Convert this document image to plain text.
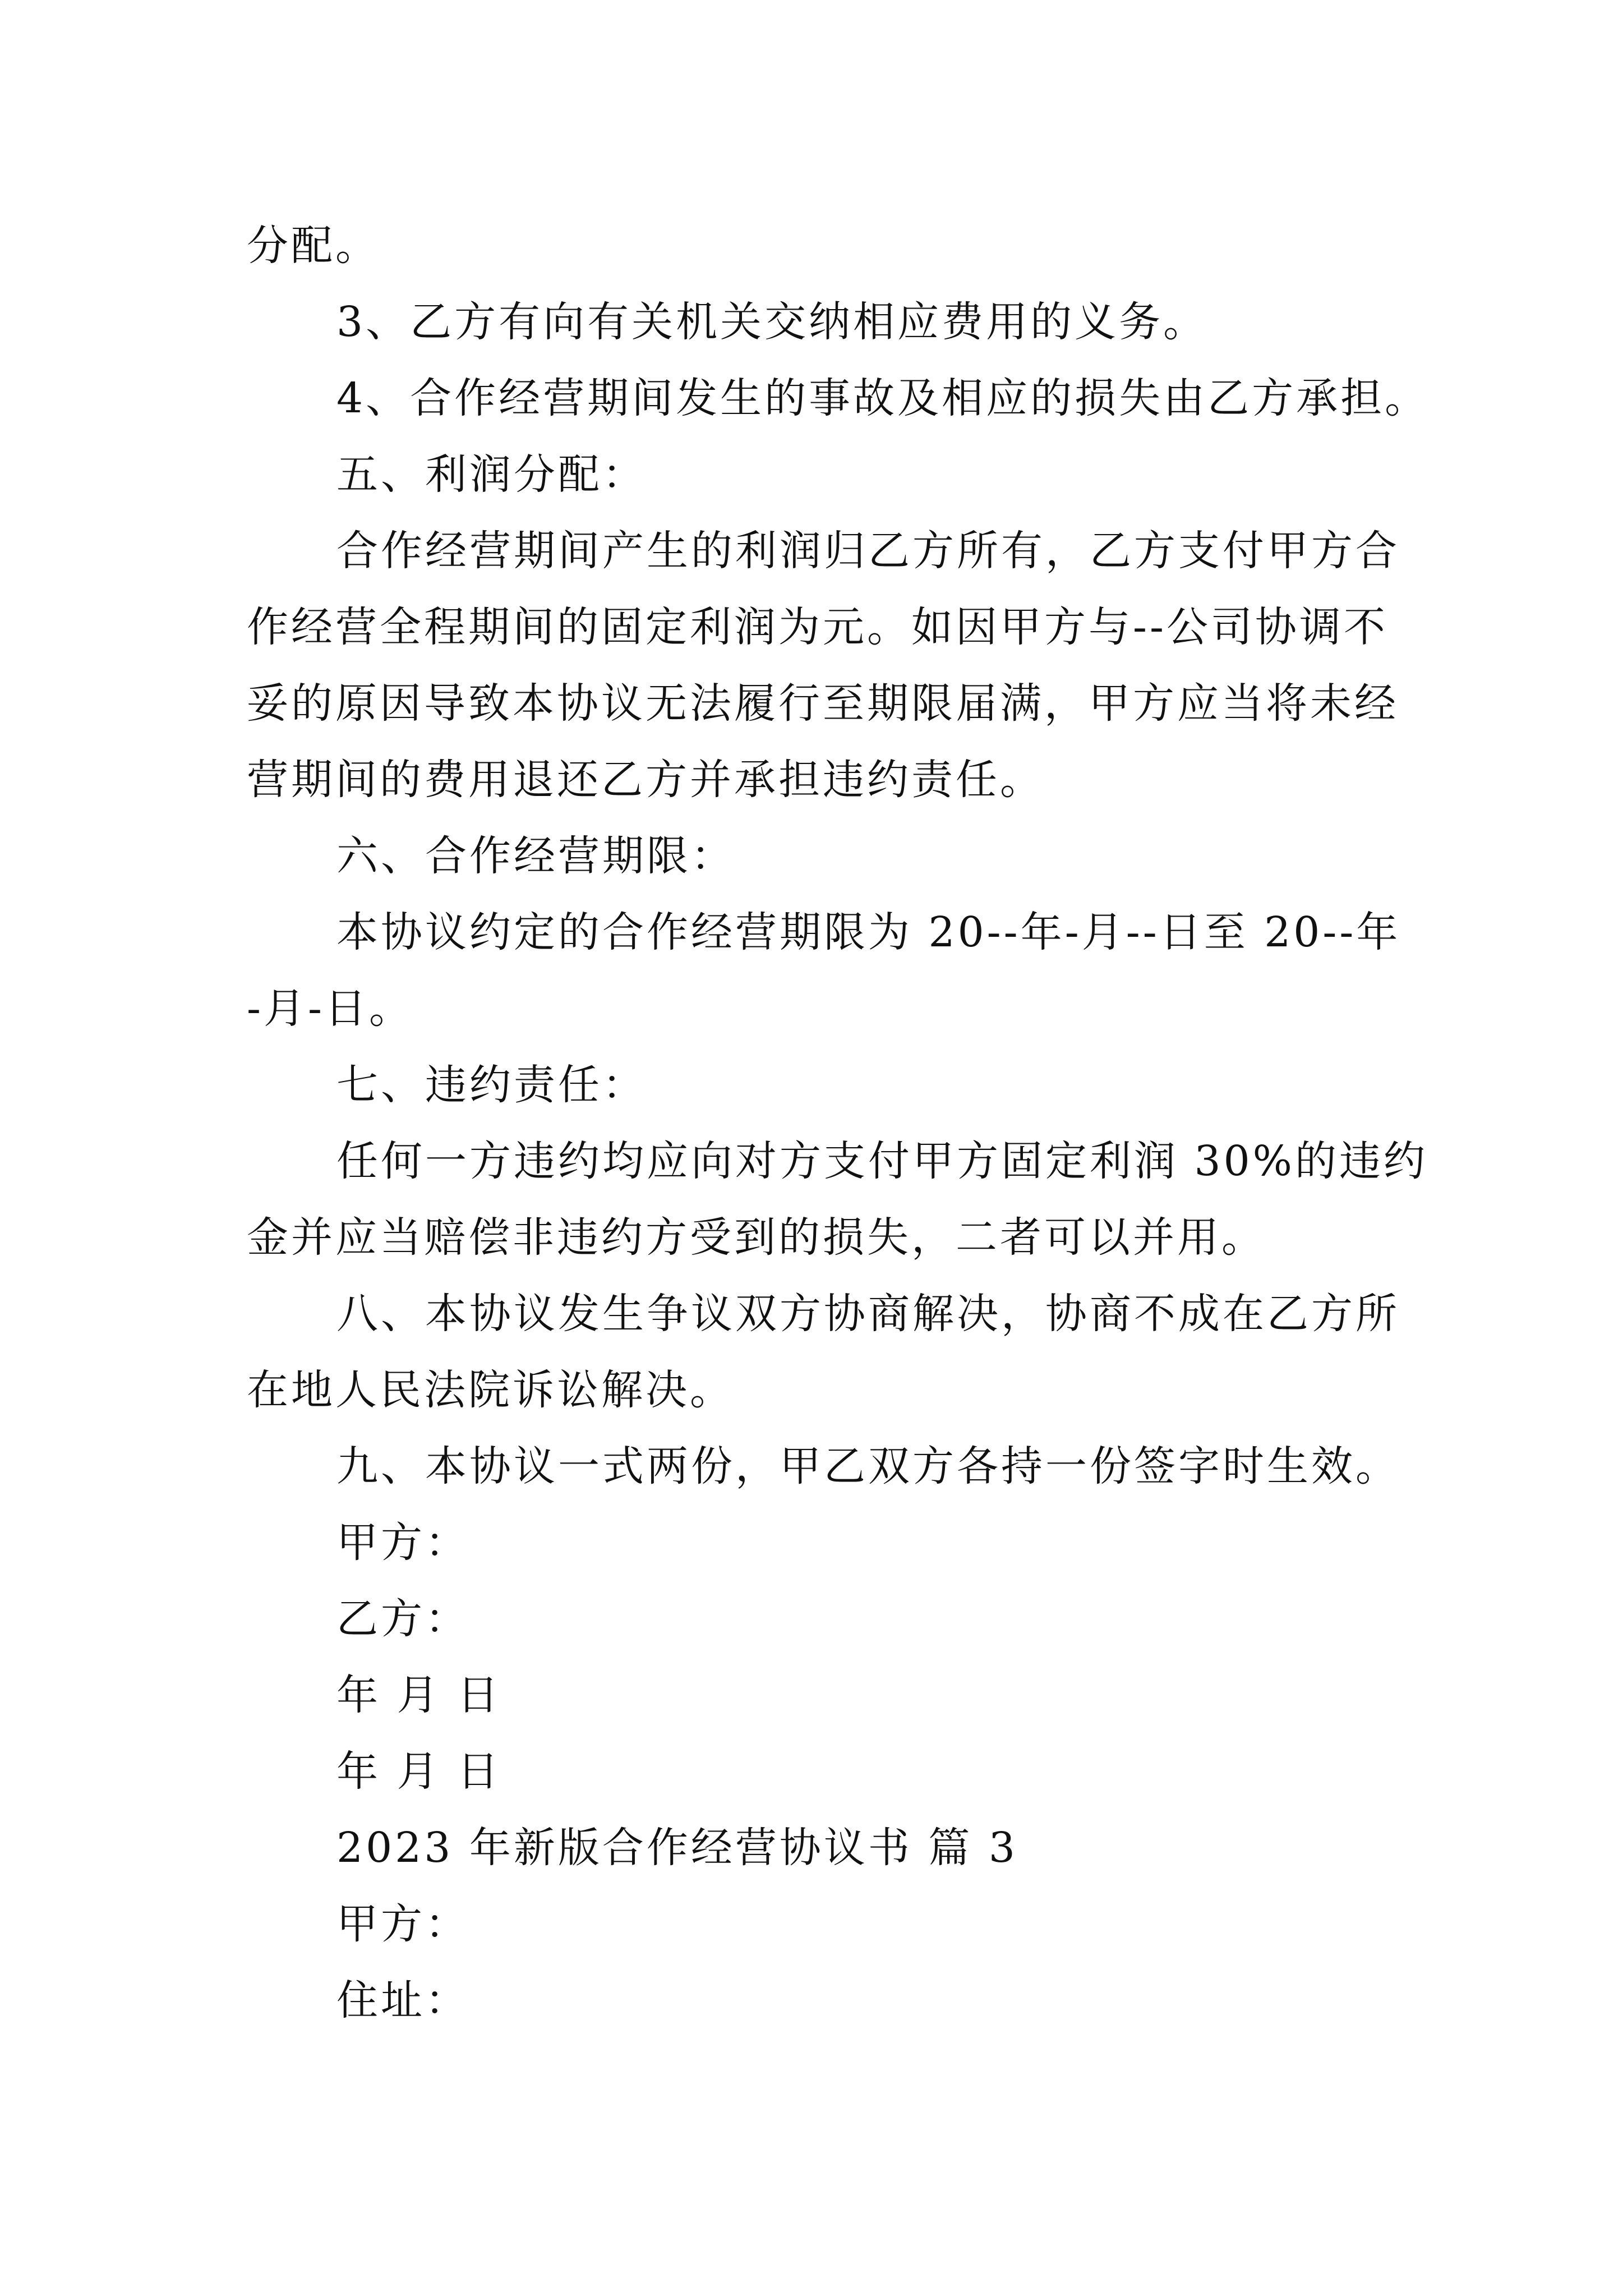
分配。

3、乙方有向有关机关交纳相应费用的义务。

4、合作经营期间发生的事故及相应的损失由乙方承担。

五、利润分配：

合作经营期间产生的利润归乙方所有，乙方支付甲方合

作经营全程期间的固定利润为元。如因甲方与--公司协调不

妥的原因导致本协议无法履行至期限届满，甲方应当将未经

营期间的费用退还乙方并承担违约责任。

六、合作经营期限：

本协议约定的合作经营期限为 20--年-月--日至 20--年

-月-日。

七、违约责任：

任何一方违约均应向对方支付甲方固定利润 30%的违约

金并应当赔偿非违约方受到的损失，二者可以并用。

八、本协议发生争议双方协商解决，协商不成在乙方所

在地人民法院诉讼解决。

九、本协议一式两份，甲乙双方各持一份签字时生效。

甲方：

乙方：

年 月 日

年 月 日

2023 年新版合作经营协议书 篇 3

甲方：

住址：
